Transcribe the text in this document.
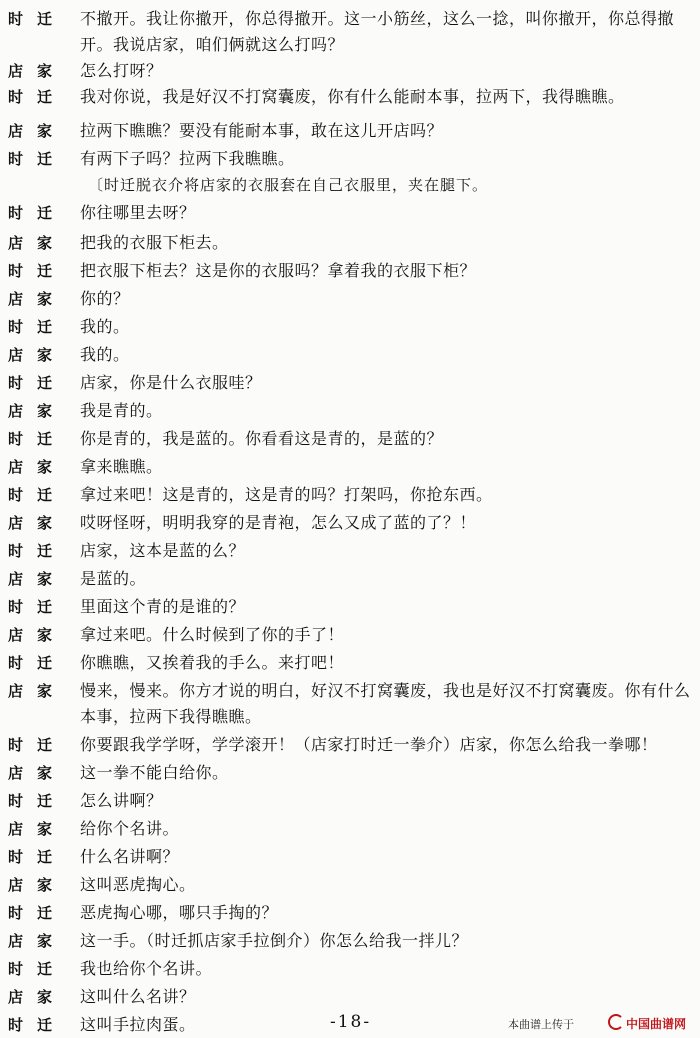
时迁 不撤开。我让你撤开，你总得撤开。这一小筋丝，这么一捻，叫你撤开，你总得撤开。我说店家，咱们俩就这么打吗？
店家 怎么打呀？
时迁 我对你说，我是好汉不打窝囊废，你有什么能耐本事，拉两下，我得瞧瞧。
店家 拉两下瞧瞧？要没有能耐本事，敢在这儿开店吗？
时迁 有两下子吗？拉两下我瞧瞧。
〔时迁脱衣介将店家的衣服套在自己衣服里，夹在腿下。
时迁 你往哪里去呀？
店家 把我的衣服下柜去。
时迁 把衣服下柜去？这是你的衣服吗？拿着我的衣服下柜？
店家 你的？
时迁 我的。
店家 我的。
时迁 店家，你是什么衣服哇？
店家 我是青的。
时迁 你是青的，我是蓝的。你看看这是青的，是蓝的？
店家 拿来瞧瞧。
时迁 拿过来吧！这是青的，这是青的吗？打架吗，你抢东西。
店家 哎呀怪呀，明明我穿的是青袍，怎么又成了蓝的了？！
时迁 店家，这本是蓝的么？
店家 是蓝的。
时迁 里面这个青的是谁的？
店家 拿过来吧。什么时候到了你的手了！
时迁 你瞧瞧，又挨着我的手么。来打吧！
店家 慢来，慢来。你方才说的明白，好汉不打窝囊废，我也是好汉不打窝囊废。你有什么本事，拉两下我得瞧瞧。
时迁 你要跟我学学呀，学学滚开！（店家打时迁一拳介）店家，你怎么给我一拳哪！
店家 这一拳不能白给你。
时迁 怎么讲啊？
店家 给你个名讲。
时迁 什么名讲啊？
店家 这叫恶虎掏心。
时迁 恶虎掏心哪，哪只手掏的？
店家 这一手。（时迁抓店家手拉倒介）你怎么给我一拌儿？
时迁 我也给你个名讲。
店家 这叫什么名讲？
时迁 这叫手拉肉蛋。	-18-	本曲谱上传于	中国曲谱网
